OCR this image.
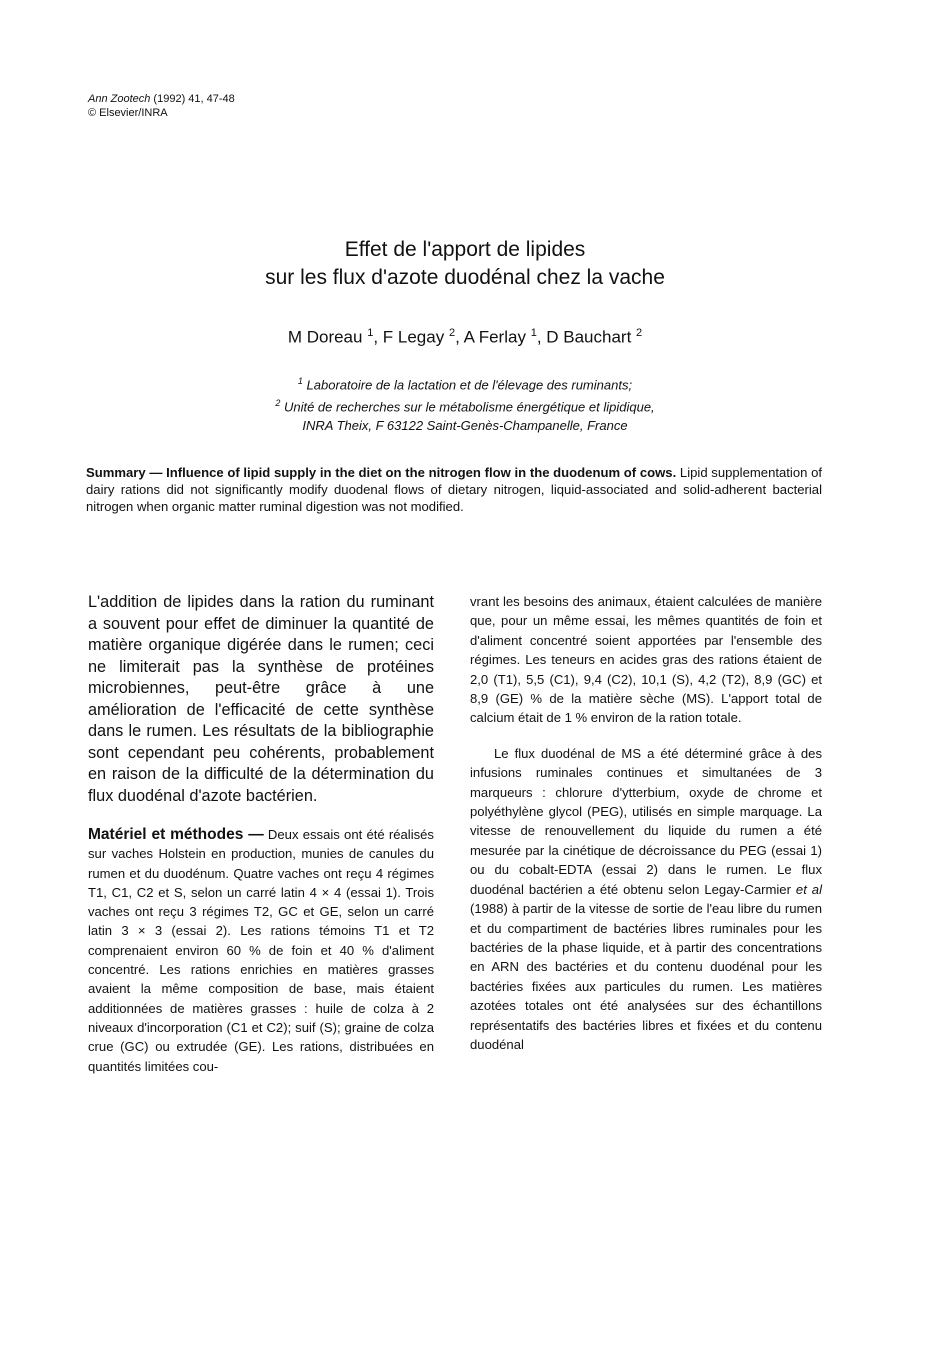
Ann Zootech (1992) 41, 47-48
© Elsevier/INRA
Effet de l'apport de lipides
sur les flux d'azote duodénal chez la vache
M Doreau $^1$, F Legay $^2$, A Ferlay $^1$, D Bauchart $^2$
$^1$ Laboratoire de la lactation et de l'élevage des ruminants;
$^2$ Unité de recherches sur le métabolisme énergétique et lipidique,
INRA Theix, F 63122 Saint-Genès-Champanelle, France
Summary — Influence of lipid supply in the diet on the nitrogen flow in the duodenum of cows. Lipid supplementation of dairy rations did not significantly modify duodenal flows of dietary nitrogen, liquid-associated and solid-adherent bacterial nitrogen when organic matter ruminal digestion was not modified.

L'addition de lipides dans la ration du ruminant a souvent pour effet de diminuer la quantité de matière organique digérée dans le rumen; ceci ne limiterait pas la synthèse de protéines microbiennes, peut-être grâce à une amélioration de l'efficacité de cette synthèse dans le rumen. Les résultats de la bibliographie sont cependant peu cohérents, probablement en raison de la difficulté de la détermination du flux duodénal d'azote bactérien.

Matériel et méthodes — Deux essais ont été réalisés sur vaches Holstein en production, munies de canules du rumen et du duodénum. Quatre vaches ont reçu 4 régimes T1, C1, C2 et S, selon un carré latin 4 × 4 (essai 1). Trois vaches ont reçu 3 régimes T2, GC et GE, selon un carré latin 3 × 3 (essai 2). Les rations témoins T1 et T2 comprenaient environ 60 % de foin et 40 % d'aliment concentré. Les rations enrichies en matières grasses avaient la même composition de base, mais étaient additionnées de matières grasses : huile de colza à 2 niveaux d'incorporation (C1 et C2); suif (S); graine de colza crue (GC) ou extrudée (GE). Les rations, distribuées en quantités limitées cou-

vrant les besoins des animaux, étaient calculées de manière que, pour un même essai, les mêmes quantités de foin et d'aliment concentré soient apportées par l'ensemble des régimes. Les teneurs en acides gras des rations étaient de 2,0 (T1), 5,5 (C1), 9,4 (C2), 10,1 (S), 4,2 (T2), 8,9 (GC) et 8,9 (GE) % de la matière sèche (MS). L'apport total de calcium était de 1 % environ de la ration totale.

Le flux duodénal de MS a été déterminé grâce à des infusions ruminales continues et simultanées de 3 marqueurs : chlorure d'ytterbium, oxyde de chrome et polyéthylène glycol (PEG), utilisés en simple marquage. La vitesse de renouvellement du liquide du rumen a été mesurée par la cinétique de décroissance du PEG (essai 1) ou du cobalt-EDTA (essai 2) dans le rumen. Le flux duodénal bactérien a été obtenu selon Legay-Carmier et al (1988) à partir de la vitesse de sortie de l'eau libre du rumen et du compartiment de bactéries libres ruminales pour les bactéries de la phase liquide, et à partir des concentrations en ARN des bactéries et du contenu duodénal pour les bactéries fixées aux particules du rumen. Les matières azotées totales ont été analysées sur des échantillons représentatifs des bactéries libres et fixées et du contenu duodénal
